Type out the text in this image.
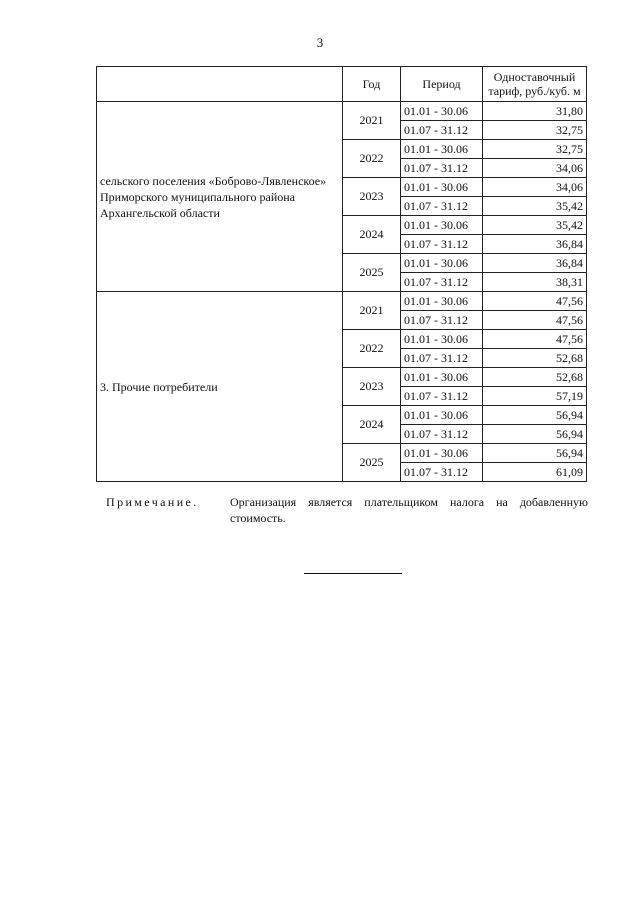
3
	Год	Период	Одноставочный тариф, руб./куб. м
сельского поселения «Боброво-Лявленское» Приморского муниципального района Архангельской области	2021	01.01 - 30.06	31,80
		01.07 - 31.12	32,75
	2022	01.01 - 30.06	32,75
		01.07 - 31.12	34,06
	2023	01.01 - 30.06	34,06
		01.07 - 31.12	35,42
	2024	01.01 - 30.06	35,42
		01.07 - 31.12	36,84
	2025	01.01 - 30.06	36,84
		01.07 - 31.12	38,31
3. Прочие потребители	2021	01.01 - 30.06	47,56
		01.07 - 31.12	47,56
	2022	01.01 - 30.06	47,56
		01.07 - 31.12	52,68
	2023	01.01 - 30.06	52,68
		01.07 - 31.12	57,19
	2024	01.01 - 30.06	56,94
		01.07 - 31.12	56,94
	2025	01.01 - 30.06	56,94
		01.07 - 31.12	61,09
Примечание.	Организация является плательщиком налога на добавленную стоимость.
